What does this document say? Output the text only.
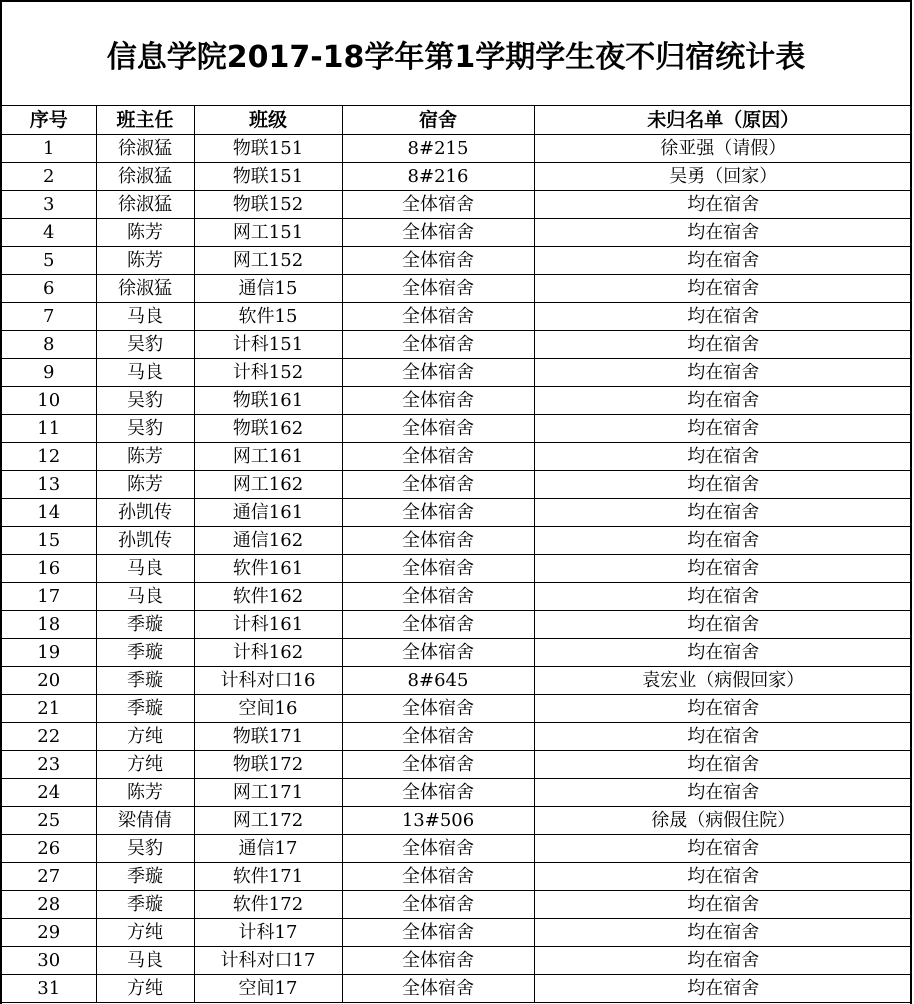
信息学院2017-18学年第1学期学生夜不归宿统计表
序号	班主任	班级	宿舍	未归名单（原因）
1	徐淑猛	物联151	8#215	徐亚强（请假）
2	徐淑猛	物联151	8#216	吴勇（回家）
3	徐淑猛	物联152	全体宿舍	均在宿舍
4	陈芳	网工151	全体宿舍	均在宿舍
5	陈芳	网工152	全体宿舍	均在宿舍
6	徐淑猛	通信15	全体宿舍	均在宿舍
7	马良	软件15	全体宿舍	均在宿舍
8	吴豹	计科151	全体宿舍	均在宿舍
9	马良	计科152	全体宿舍	均在宿舍
10	吴豹	物联161	全体宿舍	均在宿舍
11	吴豹	物联162	全体宿舍	均在宿舍
12	陈芳	网工161	全体宿舍	均在宿舍
13	陈芳	网工162	全体宿舍	均在宿舍
14	孙凯传	通信161	全体宿舍	均在宿舍
15	孙凯传	通信162	全体宿舍	均在宿舍
16	马良	软件161	全体宿舍	均在宿舍
17	马良	软件162	全体宿舍	均在宿舍
18	季璇	计科161	全体宿舍	均在宿舍
19	季璇	计科162	全体宿舍	均在宿舍
20	季璇	计科对口16	8#645	袁宏业（病假回家）
21	季璇	空间16	全体宿舍	均在宿舍
22	方纯	物联171	全体宿舍	均在宿舍
23	方纯	物联172	全体宿舍	均在宿舍
24	陈芳	网工171	全体宿舍	均在宿舍
25	梁倩倩	网工172	13#506	徐晟（病假住院）
26	吴豹	通信17	全体宿舍	均在宿舍
27	季璇	软件171	全体宿舍	均在宿舍
28	季璇	软件172	全体宿舍	均在宿舍
29	方纯	计科17	全体宿舍	均在宿舍
30	马良	计科对口17	全体宿舍	均在宿舍
31	方纯	空间17	全体宿舍	均在宿舍
